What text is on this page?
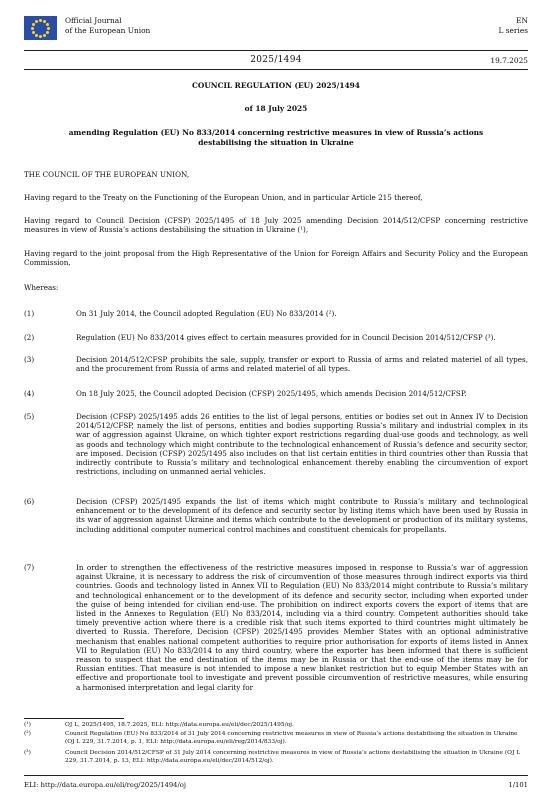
Official Journal
of the European Union
EN
L series
2025/1494	19.7.2025
COUNCIL REGULATION (EU) 2025/1494
of 18 July 2025
amending Regulation (EU) No 833/2014 concerning restrictive measures in view of Russia’s actions destabilising the situation in Ukraine
THE COUNCIL OF THE EUROPEAN UNION,
Having regard to the Treaty on the Functioning of the European Union, and in particular Article 215 thereof,
Having regard to Council Decision (CFSP) 2025/1495 of 18 July 2025 amending Decision 2014/512/CFSP concerning restrictive measures in view of Russia’s actions destabilising the situation in Ukraine (¹),
Having regard to the joint proposal from the High Representative of the Union for Foreign Affairs and Security Policy and the European Commission,
Whereas:
(1)	On 31 July 2014, the Council adopted Regulation (EU) No 833/2014 (²).
(2)	Regulation (EU) No 833/2014 gives effect to certain measures provided for in Council Decision 2014/512/CFSP (³).
(3)	Decision 2014/512/CFSP prohibits the sale, supply, transfer or export to Russia of arms and related materiel of all types, and the procurement from Russia of arms and related materiel of all types.
(4)	On 18 July 2025, the Council adopted Decision (CFSP) 2025/1495, which amends Decision 2014/512/CFSP.
(5)	Decision (CFSP) 2025/1495 adds 26 entities to the list of legal persons, entities or bodies set out in Annex IV to Decision 2014/512/CFSP, namely the list of persons, entities and bodies supporting Russia’s military and industrial complex in its war of aggression against Ukraine, on which tighter export restrictions regarding dual-use goods and technology, as well as goods and technology which might contribute to the technological enhancement of Russia’s defence and security sector, are imposed. Decision (CFSP) 2025/1495 also includes on that list certain entities in third countries other than Russia that indirectly contribute to Russia’s military and technological enhancement thereby enabling the circumvention of export restrictions, including on unmanned aerial vehicles.
(6)	Decision (CFSP) 2025/1495 expands the list of items which might contribute to Russia’s military and technological enhancement or to the development of its defence and security sector by listing items which have been used by Russia in its war of aggression against Ukraine and items which contribute to the development or production of its military systems, including additional computer numerical control machines and constituent chemicals for propellants.
(7)	In order to strengthen the effectiveness of the restrictive measures imposed in response to Russia’s war of aggression against Ukraine, it is necessary to address the risk of circumvention of those measures through indirect exports via third countries. Goods and technology listed in Annex VII to Regulation (EU) No 833/2014 might contribute to Russia’s military and technological enhancement or to the development of its defence and security sector, including when exported under the guise of being intended for civilian end-use. The prohibition on indirect exports covers the export of items that are listed in the Annexes to Regulation (EU) No 833/2014, including via a third country. Competent authorities should take timely preventive action where there is a credible risk that such items exported to third countries might ultimately be diverted to Russia. Therefore, Decision (CFSP) 2025/1495 provides Member States with an optional administrative mechanism that enables national competent authorities to require prior authorisation for exports of items listed in Annex VII to Regulation (EU) No 833/2014 to any third country, where the exporter has been informed that there is sufficient reason to suspect that the end destination of the items may be in Russia or that the end-use of the items may be for Russian entities. That measure is not intended to impose a new blanket restriction but to equip Member States with an effective and proportionate tool to investigate and prevent possible circumvention of restrictive measures, while ensuring a harmonised interpretation and legal clarity for
(¹)	OJ L, 2025/1495, 18.7.2025, ELI: http://data.europa.eu/eli/dec/2025/1495/oj.
(²)	Council Regulation (EU) No 833/2014 of 31 July 2014 concerning restrictive measures in view of Russia’s actions destabilising the situation in Ukraine (OJ L 229, 31.7.2014, p. 1, ELI: http://data.europa.eu/eli/reg/2014/833/oj).
(³)	Council Decision 2014/512/CFSP of 31 July 2014 concerning restrictive measures in view of Russia’s actions destabilising the situation in Ukraine (OJ L 229, 31.7.2014, p. 13, ELI: http://data.europa.eu/eli/dec/2014/512/oj).
ELI: http://data.europa.eu/eli/reg/2025/1494/oj	1/101
